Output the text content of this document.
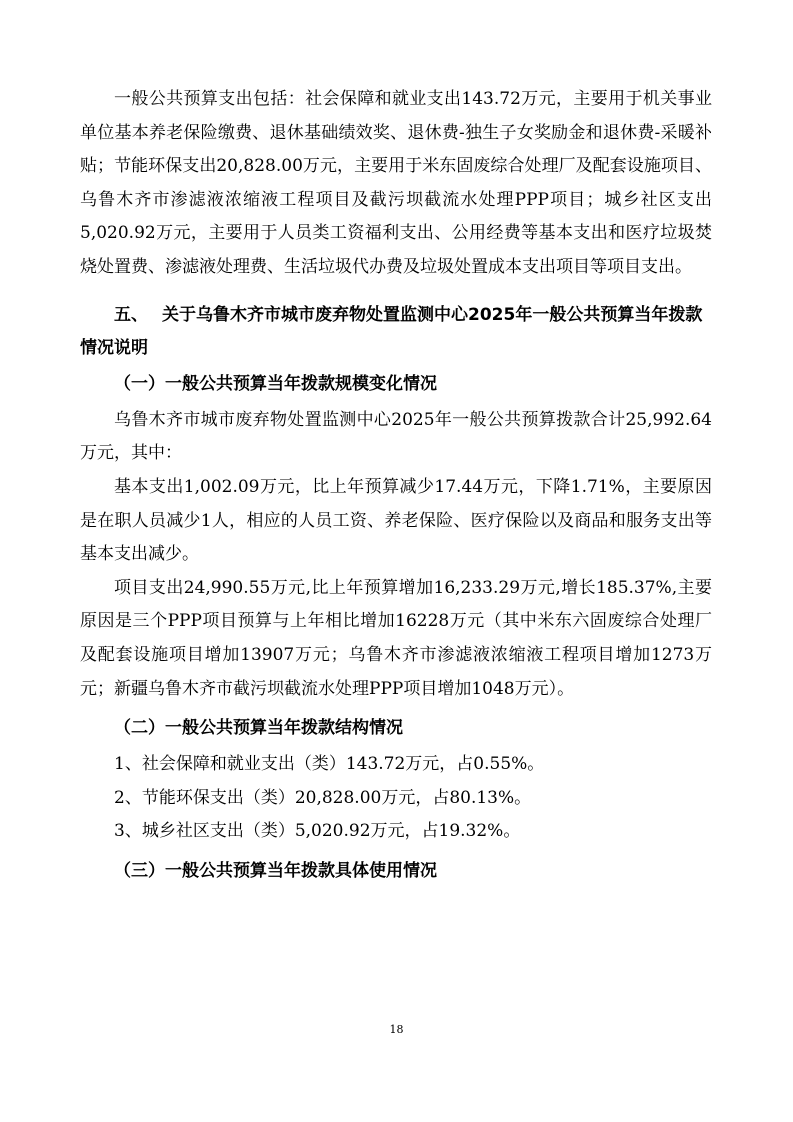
一般公共预算支出包括：社会保障和就业支出143.72万元，主要用于机关事业单位基本养老保险缴费、退休基础绩效奖、退休费-独生子女奖励金和退休费-采暖补贴；节能环保支出20,828.00万元，主要用于米东固废综合处理厂及配套设施项目、乌鲁木齐市渗滤液浓缩液工程项目及截污坝截流水处理PPP项目；城乡社区支出5,020.92万元，主要用于人员类工资福利支出、公用经费等基本支出和医疗垃圾焚烧处置费、渗滤液处理费、生活垃圾代办费及垃圾处置成本支出项目等项目支出。

五、 关于乌鲁木齐市城市废弃物处置监测中心2025年一般公共预算当年拨款情况说明

（一）一般公共预算当年拨款规模变化情况

乌鲁木齐市城市废弃物处置监测中心2025年一般公共预算拨款合计25,992.64万元，其中：

基本支出1,002.09万元，比上年预算减少17.44万元，下降1.71%，主要原因是在职人员减少1人，相应的人员工资、养老保险、医疗保险以及商品和服务支出等基本支出减少。

项目支出24,990.55万元,比上年预算增加16,233.29万元,增长185.37%,主要原因是三个PPP项目预算与上年相比增加16228万元（其中米东六固废综合处理厂及配套设施项目增加13907万元；乌鲁木齐市渗滤液浓缩液工程项目增加1273万元；新疆乌鲁木齐市截污坝截流水处理PPP项目增加1048万元）。

（二）一般公共预算当年拨款结构情况

1、社会保障和就业支出（类）143.72万元，占0.55%。

2、节能环保支出（类）20,828.00万元，占80.13%。

3、城乡社区支出（类）5,020.92万元，占19.32%。

（三）一般公共预算当年拨款具体使用情况

18
